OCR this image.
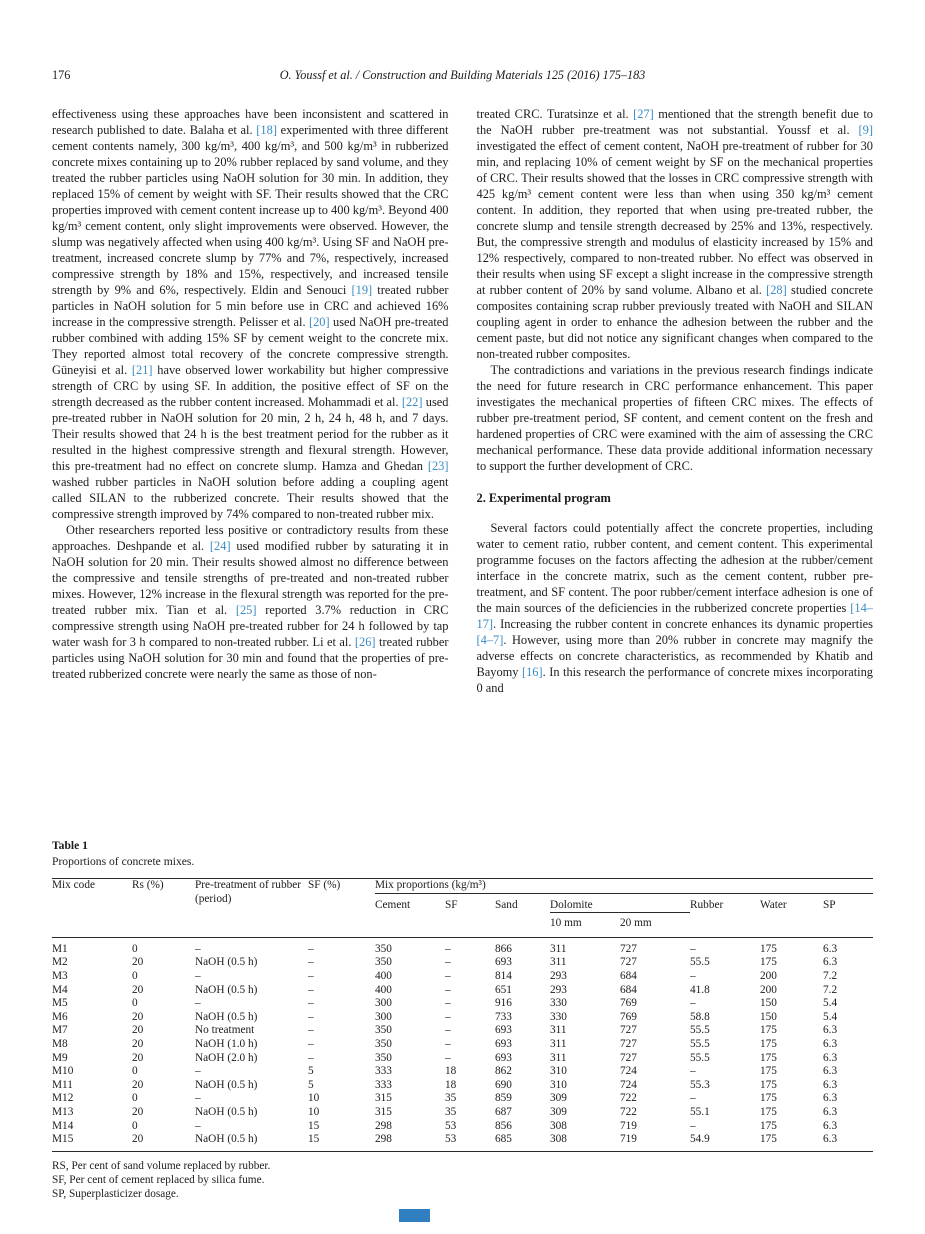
176	O. Youssf et al. / Construction and Building Materials 125 (2016) 175–183

effectiveness using these approaches have been inconsistent and scattered in research published to date. Balaha et al. [18] experimented with three different cement contents namely, 300 kg/m³, 400 kg/m³, and 500 kg/m³ in rubberized concrete mixes containing up to 20% rubber replaced by sand volume, and they treated the rubber particles using NaOH solution for 30 min. In addition, they replaced 15% of cement by weight with SF. Their results showed that the CRC properties improved with cement content increase up to 400 kg/m³. Beyond 400 kg/m³ cement content, only slight improvements were observed. However, the slump was negatively affected when using 400 kg/m³. Using SF and NaOH pre-treatment, increased concrete slump by 77% and 7%, respectively, increased compressive strength by 18% and 15%, respectively, and increased tensile strength by 9% and 6%, respectively. Eldin and Senouci [19] treated rubber particles in NaOH solution for 5 min before use in CRC and achieved 16% increase in the compressive strength. Pelisser et al. [20] used NaOH pre-treated rubber combined with adding 15% SF by cement weight to the concrete mix. They reported almost total recovery of the concrete compressive strength. Güneyisi et al. [21] have observed lower workability but higher compressive strength of CRC by using SF. In addition, the positive effect of SF on the strength decreased as the rubber content increased. Mohammadi et al. [22] used pre-treated rubber in NaOH solution for 20 min, 2 h, 24 h, 48 h, and 7 days. Their results showed that 24 h is the best treatment period for the rubber as it resulted in the highest compressive strength and flexural strength. However, this pre-treatment had no effect on concrete slump. Hamza and Ghedan [23] washed rubber particles in NaOH solution before adding a coupling agent called SILAN to the rubberized concrete. Their results showed that the compressive strength improved by 74% compared to non-treated rubber mix.

Other researchers reported less positive or contradictory results from these approaches. Deshpande et al. [24] used modified rubber by saturating it in NaOH solution for 20 min. Their results showed almost no difference between the compressive and tensile strengths of pre-treated and non-treated rubber mixes. However, 12% increase in the flexural strength was reported for the pre-treated rubber mix. Tian et al. [25] reported 3.7% reduction in CRC compressive strength using NaOH pre-treated rubber for 24 h followed by tap water wash for 3 h compared to non-treated rubber. Li et al. [26] treated rubber particles using NaOH solution for 30 min and found that the properties of pre-treated rubberized concrete were nearly the same as those of non-

treated CRC. Turatsinze et al. [27] mentioned that the strength benefit due to the NaOH rubber pre-treatment was not substantial. Youssf et al. [9] investigated the effect of cement content, NaOH pre-treatment of rubber for 30 min, and replacing 10% of cement weight by SF on the mechanical properties of CRC. Their results showed that the losses in CRC compressive strength with 425 kg/m³ cement content were less than when using 350 kg/m³ cement content. In addition, they reported that when using pre-treated rubber, the concrete slump and tensile strength decreased by 25% and 13%, respectively. But, the compressive strength and modulus of elasticity increased by 15% and 12% respectively, compared to non-treated rubber. No effect was observed in their results when using SF except a slight increase in the compressive strength at rubber content of 20% by sand volume. Albano et al. [28] studied concrete composites containing scrap rubber previously treated with NaOH and SILAN coupling agent in order to enhance the adhesion between the rubber and the cement paste, but did not notice any significant changes when compared to the non-treated rubber composites.

The contradictions and variations in the previous research findings indicate the need for future research in CRC performance enhancement. This paper investigates the mechanical properties of fifteen CRC mixes. The effects of rubber pre-treatment period, SF content, and cement content on the fresh and hardened properties of CRC were examined with the aim of assessing the CRC mechanical performance. These data provide additional information necessary to support the further development of CRC.

2. Experimental program

Several factors could potentially affect the concrete properties, including water to cement ratio, rubber content, and cement content. This experimental programme focuses on the factors affecting the adhesion at the rubber/cement interface in the concrete matrix, such as the cement content, rubber pre-treatment, and SF content. The poor rubber/cement interface adhesion is one of the main sources of the deficiencies in the rubberized concrete properties [14–17]. Increasing the rubber content in concrete enhances its dynamic properties [4–7]. However, using more than 20% rubber in concrete may magnify the adverse effects on concrete characteristics, as recommended by Khatib and Bayomy [16]. In this research the performance of concrete mixes incorporating 0 and

Table 1
Proportions of concrete mixes.
Mix code	Rs (%)	Pre-treatment of rubber (period)	SF (%)	Mix proportions (kg/m³)							
				Cement	SF	Sand	Dolomite		Rubber	Water	SP
							10 mm	20 mm			
M1	0	–	–	350	–	866	311	727	–	175	6.3
M2	20	NaOH (0.5 h)	–	350	–	693	311	727	55.5	175	6.3
M3	0	–	–	400	–	814	293	684	–	200	7.2
M4	20	NaOH (0.5 h)	–	400	–	651	293	684	41.8	200	7.2
M5	0	–	–	300	–	916	330	769	–	150	5.4
M6	20	NaOH (0.5 h)	–	300	–	733	330	769	58.8	150	5.4
M7	20	No treatment	–	350	–	693	311	727	55.5	175	6.3
M8	20	NaOH (1.0 h)	–	350	–	693	311	727	55.5	175	6.3
M9	20	NaOH (2.0 h)	–	350	–	693	311	727	55.5	175	6.3
M10	0	–	5	333	18	862	310	724	–	175	6.3
M11	20	NaOH (0.5 h)	5	333	18	690	310	724	55.3	175	6.3
M12	0	–	10	315	35	859	309	722	–	175	6.3
M13	20	NaOH (0.5 h)	10	315	35	687	309	722	55.1	175	6.3
M14	0	–	15	298	53	856	308	719	–	175	6.3
M15	20	NaOH (0.5 h)	15	298	53	685	308	719	54.9	175	6.3
RS, Per cent of sand volume replaced by rubber.
SF, Per cent of cement replaced by silica fume.
SP, Superplasticizer dosage.
